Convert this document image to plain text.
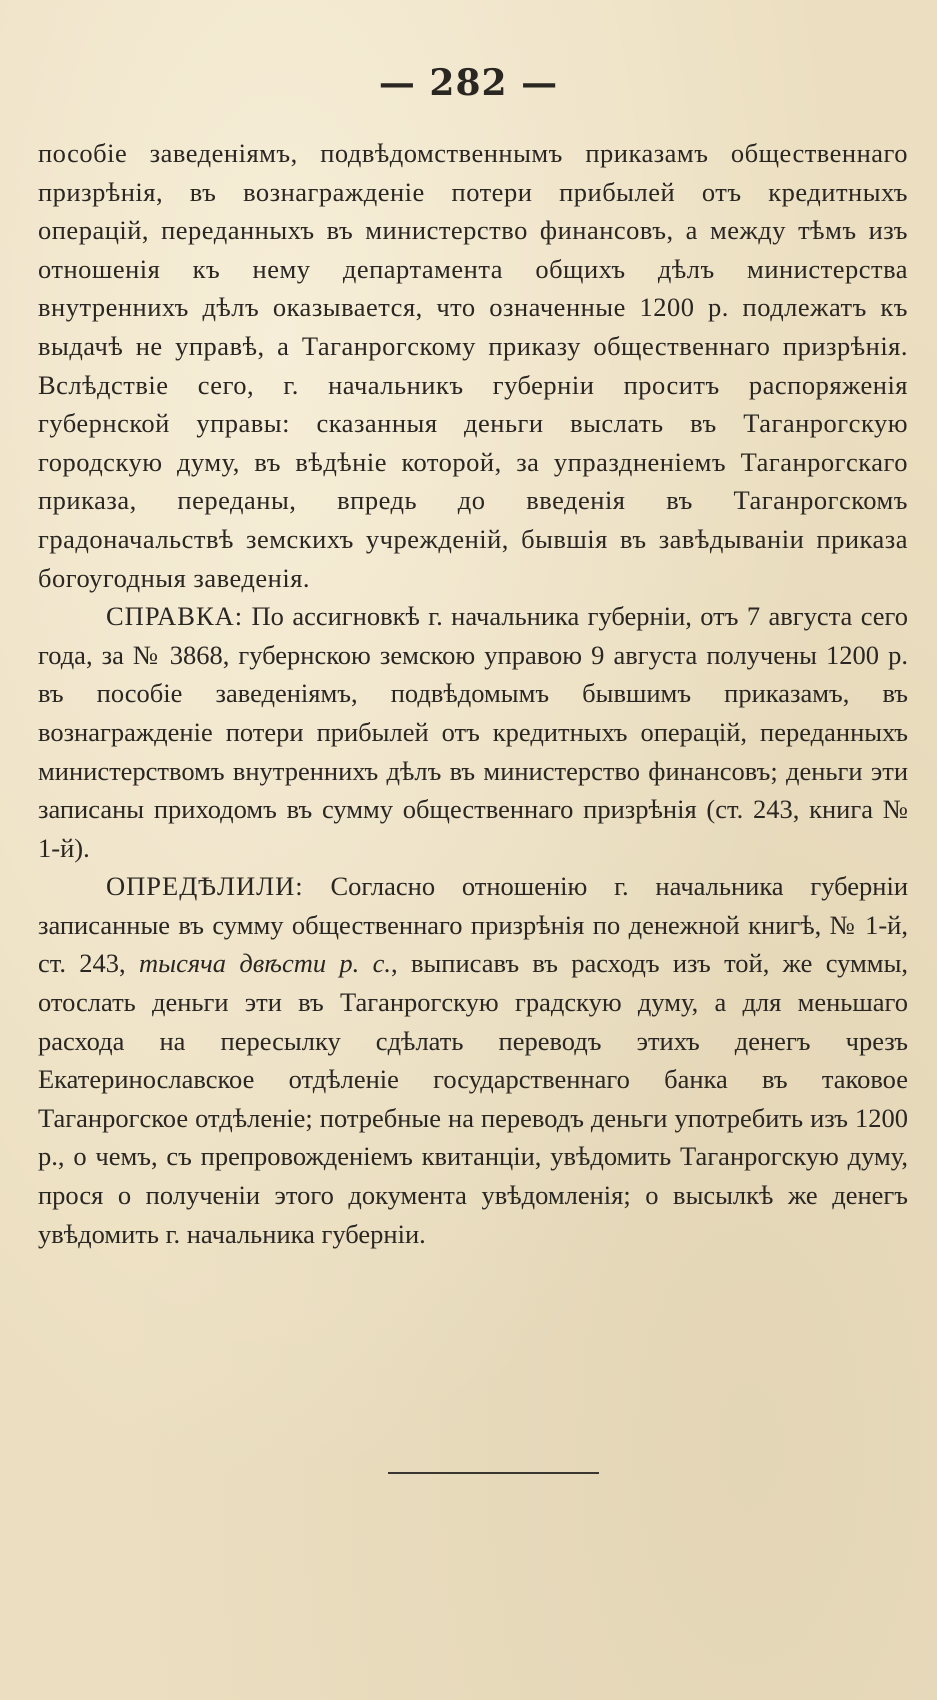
— 282 —

пособіе заведеніямъ, подвѣдомственнымъ приказамъ общественнаго призрѣнія, въ вознагражденіе потери прибылей отъ кредитныхъ операцій, переданныхъ въ министерство финансовъ, а между тѣмъ изъ отношенія къ нему департамента общихъ дѣлъ министерства внутреннихъ дѣлъ оказывается, что означенные 1200 р. подлежатъ къ выдачѣ не управѣ, а Таганрогскому приказу общественнаго призрѣнія. Вслѣдствіе сего, г. начальникъ губерніи проситъ распоряженія губернской управы: сказанныя деньги выслать въ Таганрогскую городскую думу, въ вѣдѣніе которой, за упраздненіемъ Таганрогскаго приказа, переданы, впредь до введенія въ Таганрогскомъ градоначальствѣ земскихъ учрежденій, бывшія въ завѣдываніи приказа богоугодныя заведенія.

СПРАВКА: По ассигновкѣ г. начальника губерніи, отъ 7 августа сего года, за № 3868, губернскою земскою управою 9 августа получены 1200 р. въ пособіе заведеніямъ, подвѣдомымъ бывшимъ приказамъ, въ вознагражденіе потери прибылей отъ кредитныхъ операцій, переданныхъ министерствомъ внутреннихъ дѣлъ въ министерство финансовъ; деньги эти записаны приходомъ въ сумму общественнаго призрѣнія (ст. 243, книга № 1-й).

ОПРЕДѢЛИЛИ: Согласно отношенію г. начальника губерніи записанные въ сумму общественнаго призрѣнія по денежной книгѣ, № 1-й, ст. 243, тысяча двѣсти р. с., выписавъ въ расходъ изъ той, же суммы, отослать деньги эти въ Таганрогскую градскую думу, а для меньшаго расхода на пересылку сдѣлать переводъ этихъ денегъ чрезъ Екатеринославское отдѣленіе государственнаго банка въ таковое Таганрогское отдѣленіе; потребные на переводъ деньги употребить изъ 1200 р., о чемъ, съ препровожденіемъ квитанціи, увѣдомить Таганрогскую думу, прося о полученіи этого документа увѣдомленія; о высылкѣ же денегъ увѣдомить г. начальника губерніи.
